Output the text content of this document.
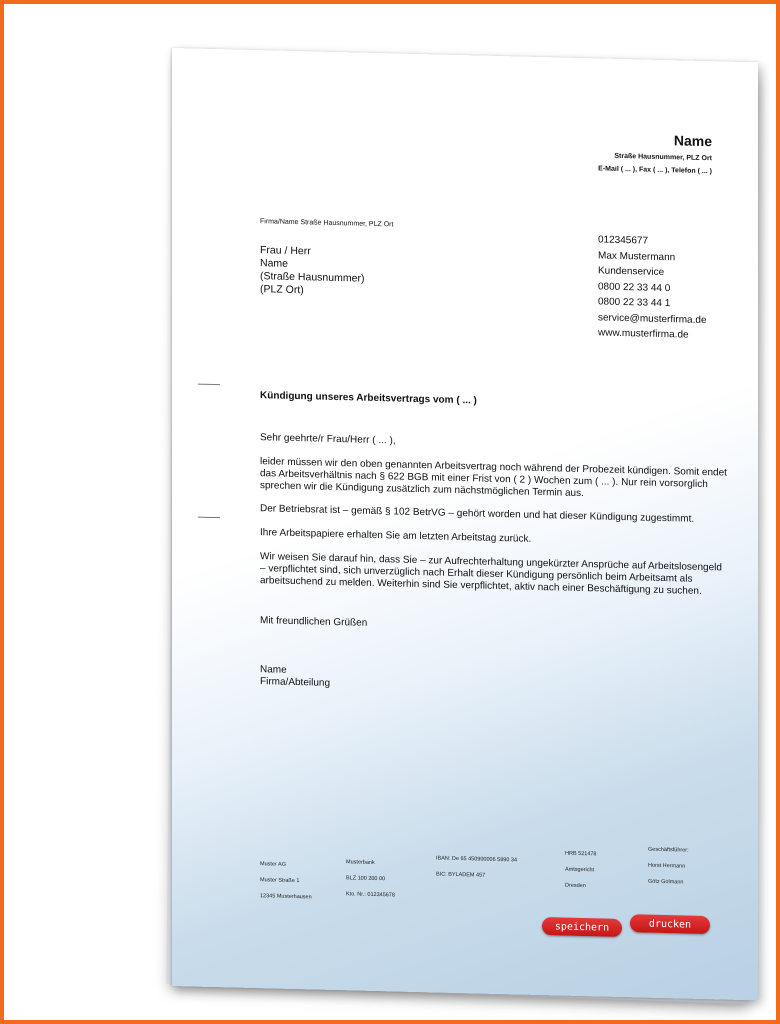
Name
Straße Hausnummer, PLZ Ort
E-Mail ( ... ), Fax ( ... ), Telefon ( ... )
Firma/Name Straße Hausnummer, PLZ Ort
Frau / Herr
Name
(Straße Hausnummer)
(PLZ Ort)
012345677
Max Mustermann
Kundenservice
0800 22 33 44 0
0800 22 33 44 1
service@musterfirma.de
www.musterfirma.de
Kündigung unseres Arbeitsvertrags vom ( ... )
Sehr geehrte/r Frau/Herr ( ... ),
leider müssen wir den oben genannten Arbeitsvertrag noch während der Probezeit kündigen. Somit endet das Arbeitsverhältnis nach § 622 BGB mit einer Frist von ( 2 ) Wochen zum ( ... ). Nur rein vorsorglich sprechen wir die Kündigung zusätzlich zum nächstmöglichen Termin aus.
Der Betriebsrat ist – gemäß § 102 BetrVG – gehört worden und hat dieser Kündigung zugestimmt.
Ihre Arbeitspapiere erhalten Sie am letzten Arbeitstag zurück.
Wir weisen Sie darauf hin, dass Sie – zur Aufrechterhaltung ungekürzter Ansprüche auf Arbeitslosengeld – verpflichtet sind, sich unverzüglich nach Erhalt dieser Kündigung persönlich beim Arbeitsamt als arbeitsuchend zu melden. Weiterhin sind Sie verpflichtet, aktiv nach einer Beschäftigung zu suchen.
Mit freundlichen Grüßen
Name
Firma/Abteilung
Muster AG
Muster Straße 1
12345 Musterhausen
Musterbank
BLZ 100 200 00
Kto. Nr.: 012345678
IBAN: De 65 450900006 5890 34
BIC: BYLADEM 457
HRB 521478
Amtsgericht
Dresden
Geschäftsführer:
Horst Hermann
Götz Golmann
speichern	drucken
